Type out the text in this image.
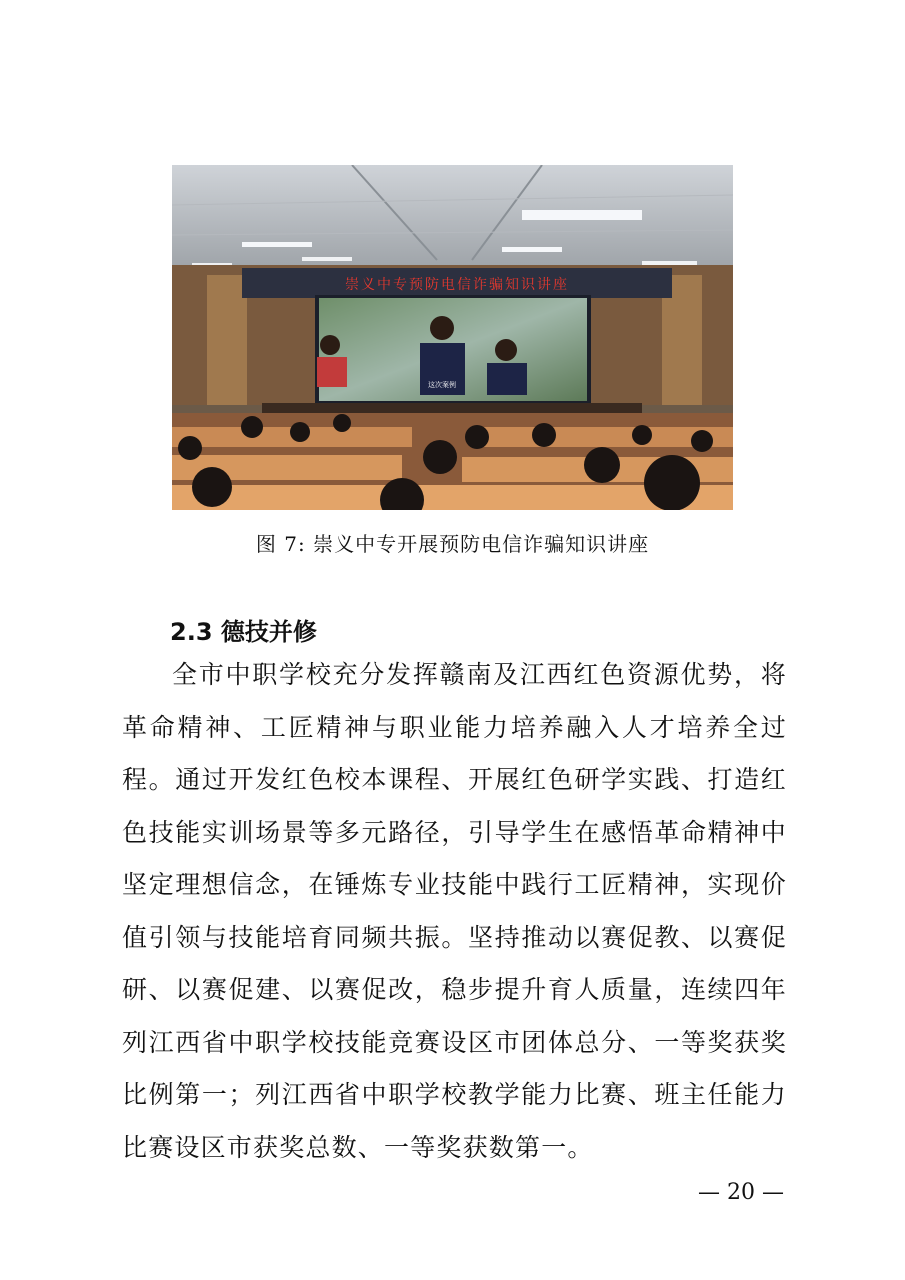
崇义中专预防电信诈骗知识讲座
这次案例
图 7: 崇义中专开展预防电信诈骗知识讲座
2.3 德技并修
全市中职学校充分发挥赣南及江西红色资源优势，将革命精神、工匠精神与职业能力培养融入人才培养全过程。通过开发红色校本课程、开展红色研学实践、打造红色技能实训场景等多元路径，引导学生在感悟革命精神中坚定理想信念，在锤炼专业技能中践行工匠精神，实现价值引领与技能培育同频共振。坚持推动以赛促教、以赛促研、以赛促建、以赛促改，稳步提升育人质量，连续四年列江西省中职学校技能竞赛设区市团体总分、一等奖获奖比例第一；列江西省中职学校教学能力比赛、班主任能力比赛设区市获奖总数、一等奖获数第一。
— 20 —
